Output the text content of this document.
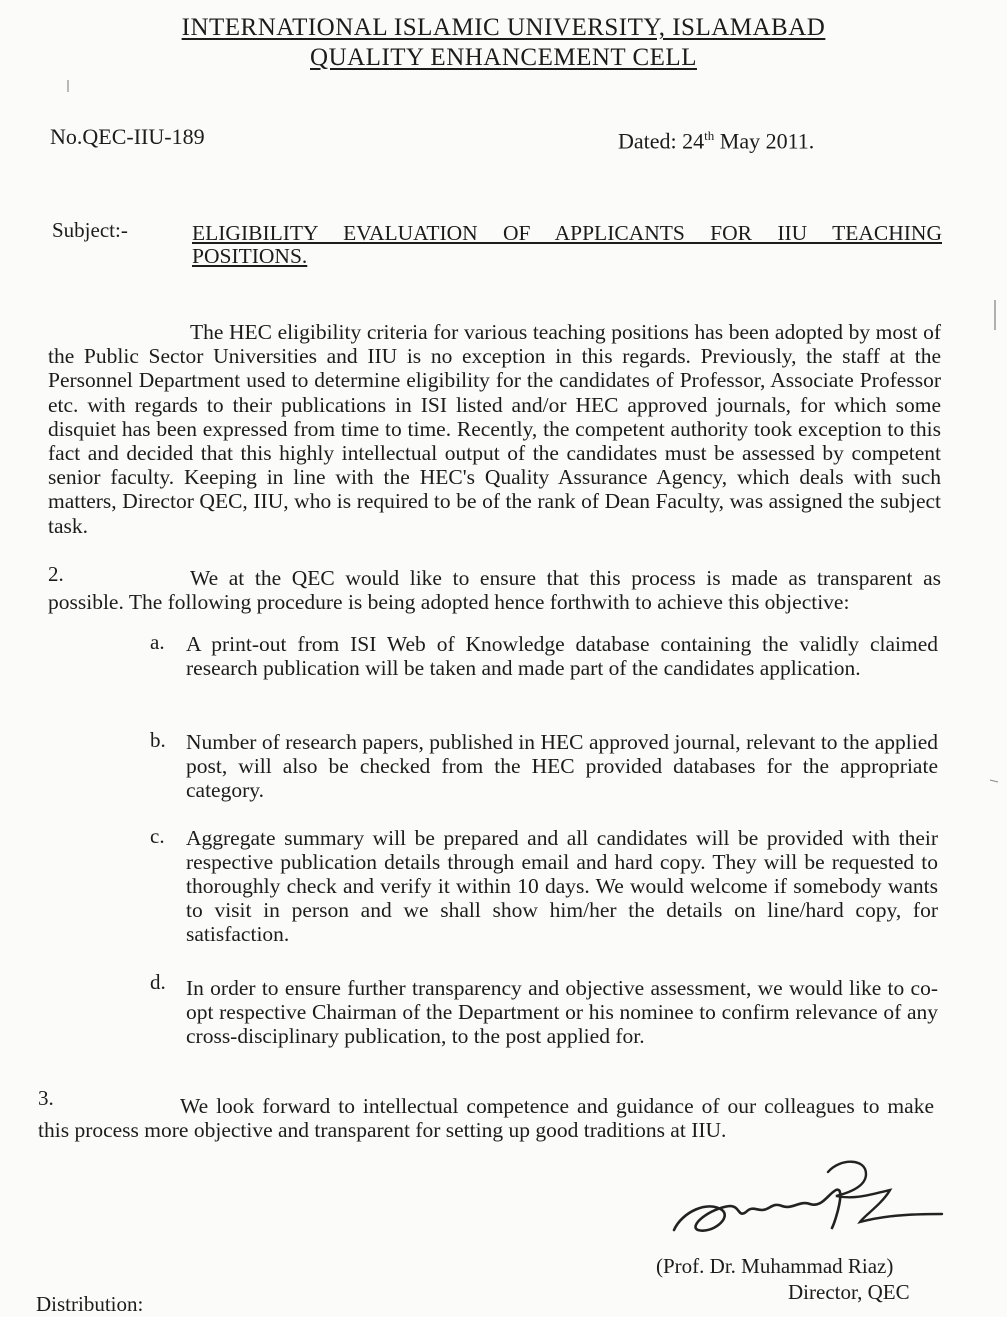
INTERNATIONAL ISLAMIC UNIVERSITY, ISLAMABAD
QUALITY ENHANCEMENT CELL
No.QEC-IIU-189	Dated: 24th May 2011.
Subject:-	ELIGIBILITY EVALUATION OF APPLICANTS FOR IIU TEACHING POSITIONS.
The HEC eligibility criteria for various teaching positions has been adopted by most of the Public Sector Universities and IIU is no exception in this regards. Previously, the staff at the Personnel Department used to determine eligibility for the candidates of Professor, Associate Professor etc. with regards to their publications in ISI listed and/or HEC approved journals, for which some disquiet has been expressed from time to time. Recently, the competent authority took exception to this fact and decided that this highly intellectual output of the candidates must be assessed by competent senior faculty. Keeping in line with the HEC's Quality Assurance Agency, which deals with such matters, Director QEC, IIU, who is required to be of the rank of Dean Faculty, was assigned the subject task.
2.	We at the QEC would like to ensure that this process is made as transparent as possible. The following procedure is being adopted hence forthwith to achieve this objective:
a. A print-out from ISI Web of Knowledge database containing the validly claimed research publication will be taken and made part of the candidates application.
b. Number of research papers, published in HEC approved journal, relevant to the applied post, will also be checked from the HEC provided databases for the appropriate category.
c. Aggregate summary will be prepared and all candidates will be provided with their respective publication details through email and hard copy. They will be requested to thoroughly check and verify it within 10 days. We would welcome if somebody wants to visit in person and we shall show him/her the details on line/hard copy, for satisfaction.
d. In order to ensure further transparency and objective assessment, we would like to co-opt respective Chairman of the Department or his nominee to confirm relevance of any cross-disciplinary publication, to the post applied for.
3.	We look forward to intellectual competence and guidance of our colleagues to make this process more objective and transparent for setting up good traditions at IIU.
(Prof. Dr. Muhammad Riaz)
Director, QEC
Distribution:
